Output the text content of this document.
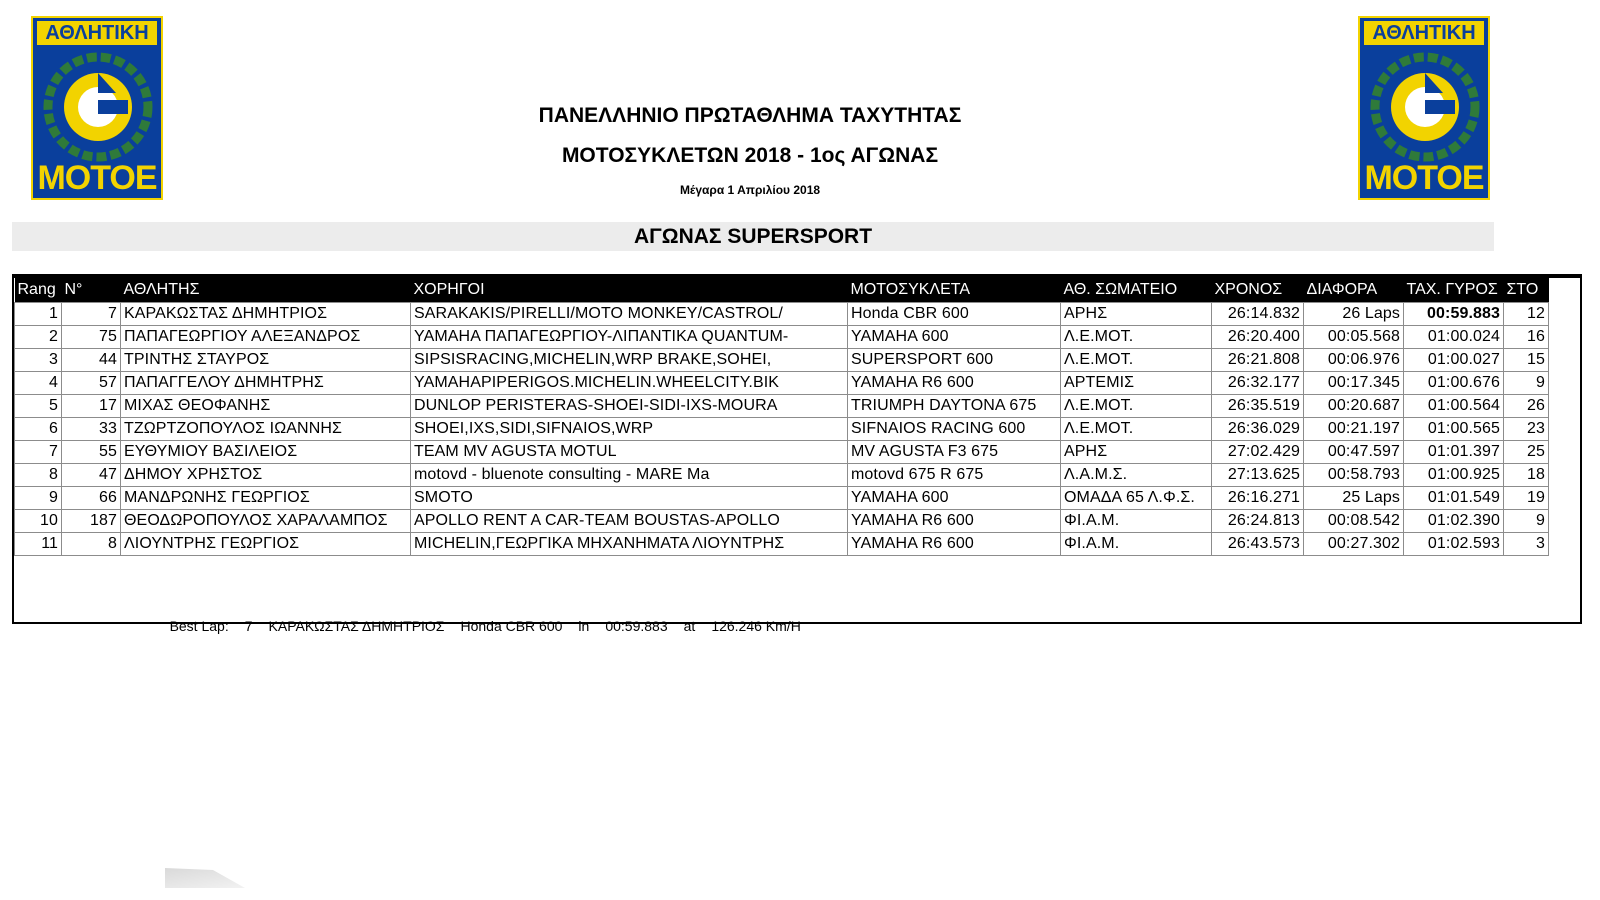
ΑΘΛΗΤΙΚΗ
ΜΟΤΟΕ
ΑΘΛΗΤΙΚΗ
ΜΟΤΟΕ
ΠΑΝΕΛΛΗΝΙΟ ΠΡΩΤΑΘΛΗΜΑ ΤΑΧΥΤΗΤΑΣ
ΜΟΤΟΣΥΚΛΕΤΩΝ 2018 - 1ος ΑΓΩΝΑΣ
Μέγαρα 1 Απριλίου 2018
ΑΓΩΝΑΣ SUPERSPORT
Rang	N°	ΑΘΛΗΤΗΣ	ΧΟΡΗΓΟΙ	ΜΟΤΟΣΥΚΛΕΤΑ	ΑΘ. ΣΩΜΑΤΕΙΟ	ΧΡΟΝΟΣ	ΔΙΑΦΟΡΑ	ΤΑΧ. ΓΥΡΟΣ	ΣΤΟ
1	7	ΚΑΡΑΚΩΣΤΑΣ ΔΗΜΗΤΡΙΟΣ	SARAKAKIS/PIRELLI/MOTO MONKEY/CASTROL/	Honda CBR 600	ΑΡΗΣ	26:14.832	26 Laps	00:59.883	12
2	75	ΠΑΠΑΓΕΩΡΓΙΟΥ ΑΛΕΞΑΝΔΡΟΣ	YAMAHA ΠΑΠΑΓΕΩΡΓΙΟΥ-ΛΙΠΑΝΤΙΚΑ QUANTUM-	YAMAHA 600	Λ.Ε.ΜΟΤ.	26:20.400	00:05.568	01:00.024	16
3	44	ΤΡΙΝΤΗΣ ΣΤΑΥΡΟΣ	SIPSISRACING,MICHELIN,WRP BRAKE,SOHEI,	SUPERSPORT 600	Λ.Ε.ΜΟΤ.	26:21.808	00:06.976	01:00.027	15
4	57	ΠΑΠΑΓΓΕΛΟΥ ΔΗΜΗΤΡΗΣ	YAMAHAPIPERIGOS.MICHELIN.WHEELCITY.BIK	YAMAHA R6 600	ΑΡΤΕΜΙΣ	26:32.177	00:17.345	01:00.676	9
5	17	ΜΙΧΑΣ ΘΕΟΦΑΝΗΣ	DUNLOP PERISTERAS-SHOEI-SIDI-IXS-MOURA	TRIUMPH DAYTONA 675	Λ.Ε.ΜΟΤ.	26:35.519	00:20.687	01:00.564	26
6	33	ΤΖΩΡΤΖΟΠΟΥΛΟΣ ΙΩΑΝΝΗΣ	SHOEI,IXS,SIDI,SIFNAIOS,WRP	SIFNAIOS RACING 600	Λ.Ε.ΜΟΤ.	26:36.029	00:21.197	01:00.565	23
7	55	ΕΥΘΥΜΙΟΥ ΒΑΣΙΛΕΙΟΣ	TEAM MV AGUSTA MOTUL	MV AGUSTA F3 675	ΑΡΗΣ	27:02.429	00:47.597	01:01.397	25
8	47	ΔΗΜΟΥ ΧΡΗΣΤΟΣ	motovd - bluenote consulting - MARE Ma	motovd 675 R 675	Λ.Α.Μ.Σ.	27:13.625	00:58.793	01:00.925	18
9	66	ΜΑΝΔΡΩΝΗΣ ΓΕΩΡΓΙΟΣ	SMOTO	YAMAHA 600	ΟΜΑΔΑ 65 Λ.Φ.Σ.	26:16.271	25 Laps	01:01.549	19
10	187	ΘΕΟΔΩΡΟΠΟΥΛΟΣ ΧΑΡΑΛΑΜΠΟΣ	APOLLO RENT A CAR-TEAM BOUSTAS-APOLLO	YAMAHA R6 600	ΦΙ.Α.Μ.	26:24.813	00:08.542	01:02.390	9
11	8	ΛΙΟΥΝΤΡΗΣ ΓΕΩΡΓΙΟΣ	MICHELIN,ΓΕΩΡΓΙΚΑ ΜΗΧΑΝΗΜΑΤΑ ΛΙΟΥΝΤΡΗΣ	YAMAHA R6 600	ΦΙ.Α.Μ.	26:43.573	00:27.302	01:02.593	3

Best Lap: 7 ΚΑΡΑΚΩΣΤΑΣ ΔΗΜΗΤΡΙΟΣ Honda CBR 600 in 00:59.883 at 126.246 Km/H
